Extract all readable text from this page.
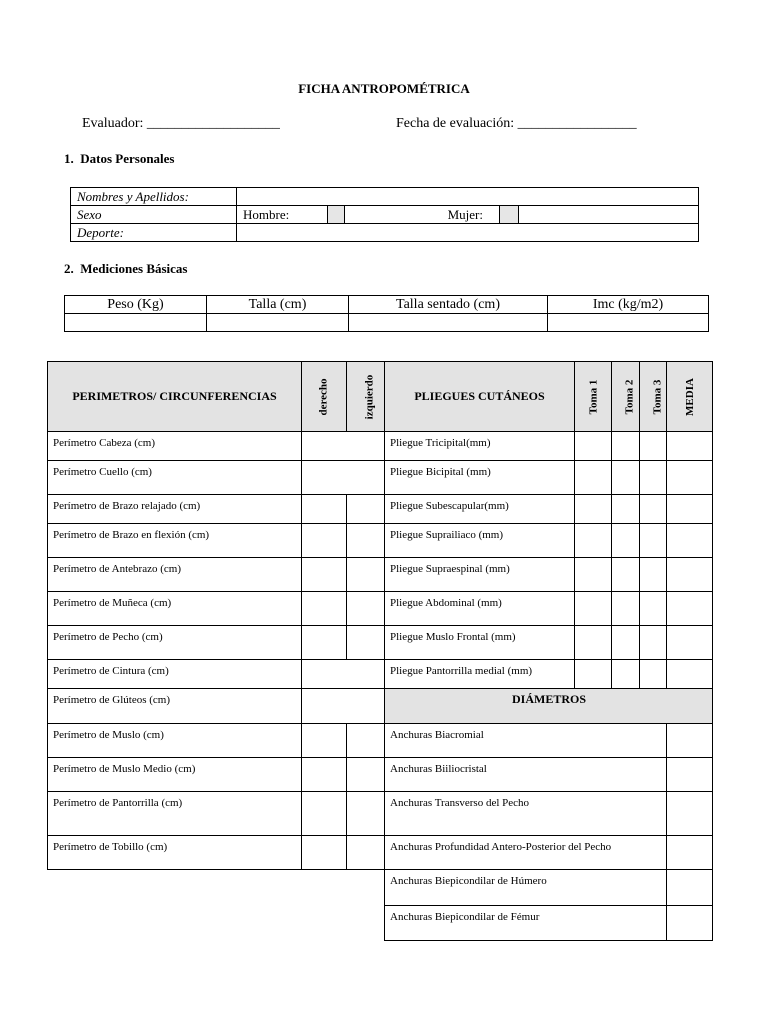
FICHA ANTROPOMÉTRICA
Evaluador: ___________________	Fecha de evaluación: _________________
1. Datos Personales
Nombres y Apellidos:					
Sexo	Hombre:		Mujer:		
Deporte:					
2. Mediciones Básicas
Peso (Kg)	Talla (cm)	Talla sentado (cm)	Imc (kg/m2)

PERIMETROS/ CIRCUNFERENCIAS	derecho	izquierdo	PLIEGUES CUTÁNEOS	Toma 1	Toma 2	Toma 3	MEDIA
Perímetro Cabeza (cm)			Pliegue Tricipital(mm)				
Perímetro Cuello (cm)			Pliegue Bicipital (mm)				
Perímetro de Brazo relajado (cm)			Pliegue Subescapular(mm)				
Perímetro de Brazo en flexión (cm)			Pliegue Suprailiaco (mm)				
Perímetro de Antebrazo (cm)			Pliegue Supraespinal (mm)				
Perímetro de Muñeca (cm)			Pliegue Abdominal (mm)				
Perímetro de Pecho (cm)			Pliegue Muslo Frontal (mm)				
Perímetro de Cintura (cm)			Pliegue Pantorrilla medial (mm)				
Perímetro de Glúteos (cm)			DIÁMETROS				
Perímetro de Muslo (cm)			Anchuras Biacromial				
Perímetro de Muslo Medio (cm)			Anchuras Biiliocristal				
Perímetro de Pantorrilla (cm)			Anchuras Transverso del Pecho				
Perímetro de Tobillo (cm)			Anchuras Profundidad Antero-Posterior del Pecho				
			Anchuras Biepicondilar de Húmero				
			Anchuras Biepicondilar de Fémur				
